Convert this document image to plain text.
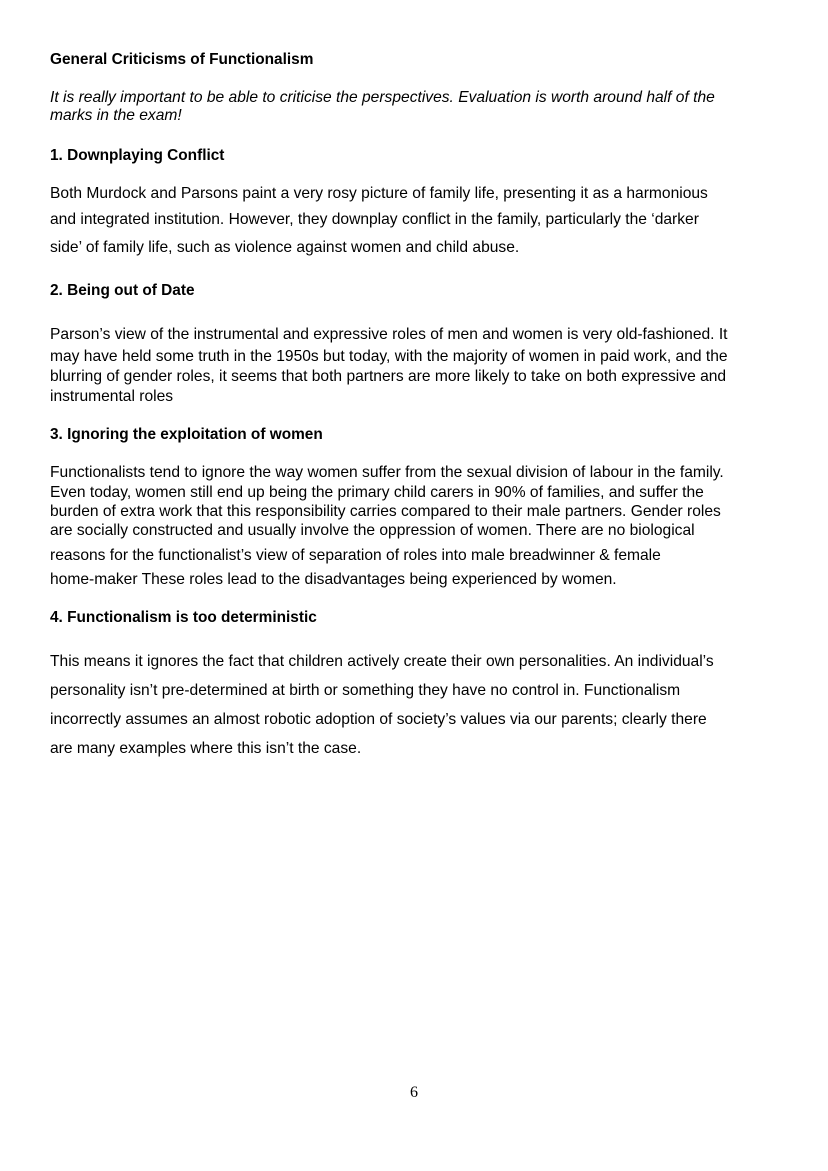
General Criticisms of Functionalism
It is really important to be able to criticise the perspectives. Evaluation is worth around half of the
marks in the exam!
1. Downplaying Conflict
Both Murdock and Parsons paint a very rosy picture of family life, presenting it as a harmonious
and integrated institution. However, they downplay conflict in the family, particularly the ‘darker
side’ of family life, such as violence against women and child abuse.
2. Being out of Date
Parson’s view of the instrumental and expressive roles of men and women is very old-fashioned. It
may have held some truth in the 1950s but today, with the majority of women in paid work, and the
blurring of gender roles, it seems that both partners are more likely to take on both expressive and
instrumental roles
3. Ignoring the exploitation of women
Functionalists tend to ignore the way women suffer from the sexual division of labour in the family.
Even today, women still end up being the primary child carers in 90% of families, and suffer the
burden of extra work that this responsibility carries compared to their male partners. Gender roles
are socially constructed and usually involve the oppression of women. There are no biological
reasons for the functionalist’s view of separation of roles into male breadwinner & female
home-maker These roles lead to the disadvantages being experienced by women.
4. Functionalism is too deterministic
This means it ignores the fact that children actively create their own personalities. An individual’s
personality isn’t pre-determined at birth or something they have no control in. Functionalism
incorrectly assumes an almost robotic adoption of society’s values via our parents; clearly there
are many examples where this isn’t the case.
6
